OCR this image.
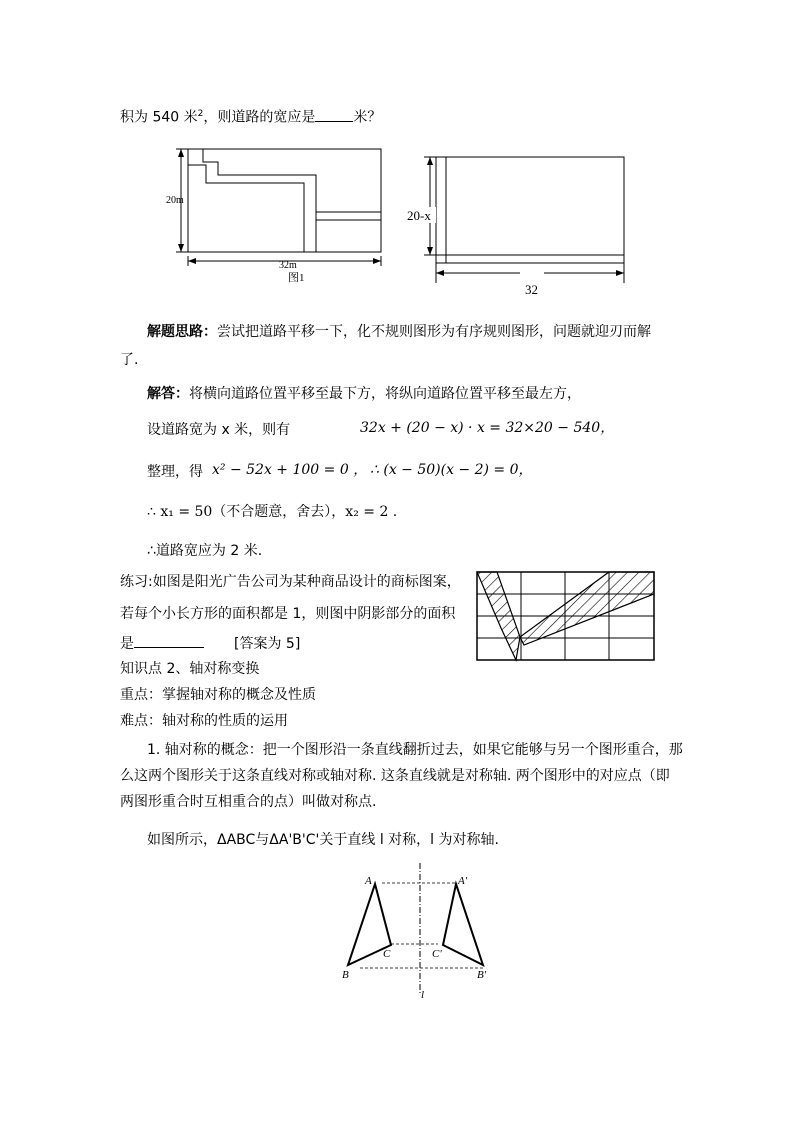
积为 540 米$^2$，则道路的宽应是	米？
20m
32m
图1
20-x
32
解题思路：尝试把道路平移一下，化不规则图形为有序规则图形，问题就迎刃而解
了.
解答：将横向道路位置平移至最下方，将纵向道路位置平移至最左方，
设道路宽为 x 米，则有	32x + (20 − x) · x = 32×20 − 540，
整理，得 x² − 52x + 100 = 0 ， ∴ (x − 50)(x − 2) = 0，
∴ x₁ = 50（不合题意，舍去），x₂ = 2 .
∴道路宽应为 2 米.
练习:如图是阳光广告公司为某种商品设计的商标图案，
若每个小长方形的面积都是 1，则图中阴影部分的面积
是	[答案为 5]
知识点 2、轴对称变换
重点：掌握轴对称的概念及性质
难点：轴对称的性质的运用
1. 轴对称的概念：把一个图形沿一条直线翻折过去，如果它能够与另一个图形重合，那
么这两个图形关于这条直线对称或轴对称. 这条直线就是对称轴. 两个图形中的对应点（即
两图形重合时互相重合的点）叫做对称点.
如图所示，ΔABC与ΔA'B'C'关于直线 l 对称，l 为对称轴.
A
B
C
A'
B'
C'
l
